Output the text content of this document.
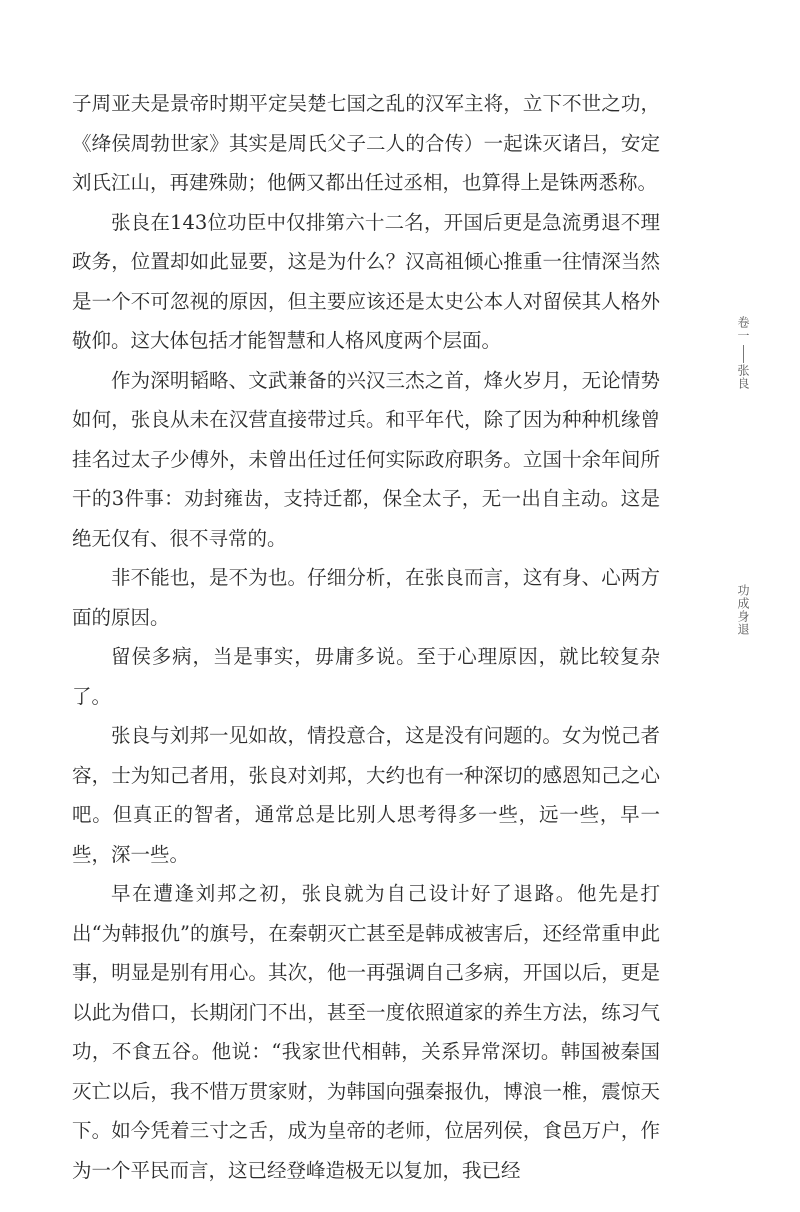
子周亚夫是景帝时期平定吴楚七国之乱的汉军主将，立下不世之功，《绛侯周勃世家》其实是周氏父子二人的合传）一起诛灭诸吕，安定刘氏江山，再建殊勋；他俩又都出任过丞相，也算得上是铢两悉称。

张良在143位功臣中仅排第六十二名，开国后更是急流勇退不理政务，位置却如此显要，这是为什么？汉高祖倾心推重一往情深当然是一个不可忽视的原因，但主要应该还是太史公本人对留侯其人格外敬仰。这大体包括才能智慧和人格风度两个层面。

作为深明韬略、文武兼备的兴汉三杰之首，烽火岁月，无论情势如何，张良从未在汉营直接带过兵。和平年代，除了因为种种机缘曾挂名过太子少傅外，未曾出任过任何实际政府职务。立国十余年间所干的3件事：劝封雍齿，支持迁都，保全太子，无一出自主动。这是绝无仅有、很不寻常的。

非不能也，是不为也。仔细分析，在张良而言，这有身、心两方面的原因。

留侯多病，当是事实，毋庸多说。至于心理原因，就比较复杂了。

张良与刘邦一见如故，情投意合，这是没有问题的。女为悦己者容，士为知己者用，张良对刘邦，大约也有一种深切的感恩知己之心吧。但真正的智者，通常总是比别人思考得多一些，远一些，早一些，深一些。

早在遭逢刘邦之初，张良就为自己设计好了退路。他先是打出“为韩报仇”的旗号，在秦朝灭亡甚至是韩成被害后，还经常重申此事，明显是别有用心。其次，他一再强调自己多病，开国以后，更是以此为借口，长期闭门不出，甚至一度依照道家的养生方法，练习气功，不食五谷。他说：“我家世代相韩，关系异常深切。韩国被秦国灭亡以后，我不惜万贯家财，为韩国向强秦报仇，博浪一椎，震惊天下。如今凭着三寸之舌，成为皇帝的老师，位居列侯，食邑万户，作为一个平民而言，这已经登峰造极无以复加，我已经

卷一张良
功成身退
